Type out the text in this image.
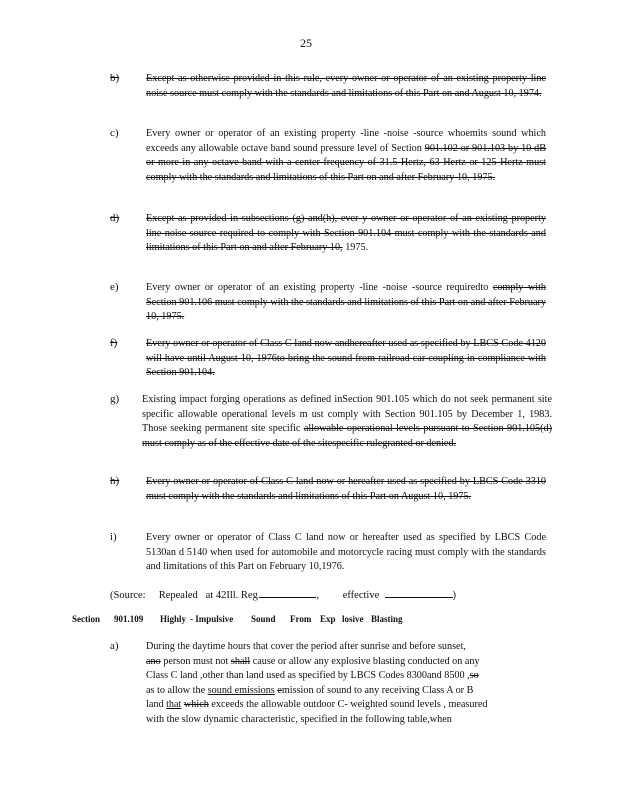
25
b)	Except as otherwise provided in this rule, every owner or operator of an existing property line noise source must comply with the standards and limitations of this Part on and August 10, 1974.
c)	Every owner or operator of an existing property -line -noise -source whoemits sound which exceeds any allowable octave band sound pressure level of Section 901.102 or 901.103 by 10 dB or more in any octave band with a center frequency of 31.5 Hertz, 63 Hertz or 125 Hertz must comply with the standards and limitations of this Part on and after February 10, 1975.
d)	Except as provided in subsections (g) and(h), ever y owner or operator of an existing property line noise source required to comply with Section 901.104 must comply with the standards and limitations of this Part on and after February 10, 1975.
e)	Every owner or operator of an existing property -line -noise -source requiredto comply with Section 901.106 must comply with the standards and limitations of this Part on and after February 10, 1975.
f)	Every owner or operator of Class C land now andhereafter used as specified by LBCS Code 4120 will have until August 10, 1976to bring the sound from railroad car coupling in compliance with Section 901.104.
g) Existing impact forging operations as defined inSection 901.105 which do not seek permanent site specific allowable operational levels m ust comply with Section 901.105 by December 1, 1983. Those seeking permanent site specific allowable operational levels pursuant to Section 901.105(d) must comply as of the effective date of the sitespecific rulegranted or denied.
h)	Every owner or operator of Class C land now or hereafter used as specified by LBCS Code 3310 must comply with the standards and limitations of this Part on August 10, 1975.
i)	Every owner or operator of Class C land now or hereafter used as specified by LBCS Code 5130an d 5140 when used for automobile and motorcycle racing must comply with the standards and limitations of this Part on February 10,1976.
(Source: Repealed at 42Ill. Reg.	,         effective	)
Section 901.109 Highly - Impulsive Sound From Exp losive Blasting
a)	During the daytime hours that cover the period after sunrise and before sunset,
ano person must not shall cause or allow any explosive blasting conducted on any
Class C land ,other than land used as specified by LBCS Codes 8300and 8500 ,so
as to allow the sound emissions emission of sound to any receiving Class A or B
land that which exceeds the allowable outdoor C- weighted sound levels , measured
with the slow dynamic characteristic, specified in the following table,when
